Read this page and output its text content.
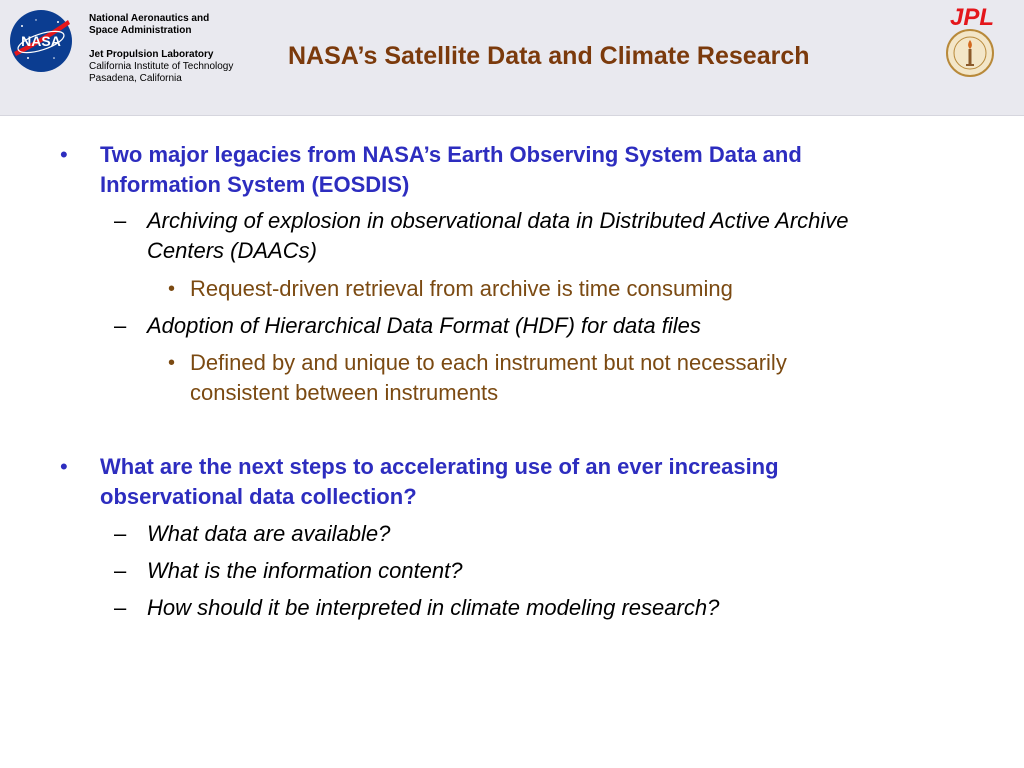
NASA
National Aeronautics and
Space Administration
Jet Propulsion Laboratory
California Institute of Technology
Pasadena, California
NASA’s Satellite Data and Climate Research
JPL
• Two major legacies from NASA’s Earth Observing System Data and
Information System (EOSDIS)
– Archiving of explosion in observational data in Distributed Active Archive
Centers (DAACs)
• Request-driven retrieval from archive is time consuming
– Adoption of Hierarchical Data Format (HDF) for data files
• Defined by and unique to each instrument but not necessarily
consistent between instruments
• What are the next steps to accelerating use of an ever increasing
observational data collection?
– What data are available?
– What is the information content?
– How should it be interpreted in climate modeling research?
